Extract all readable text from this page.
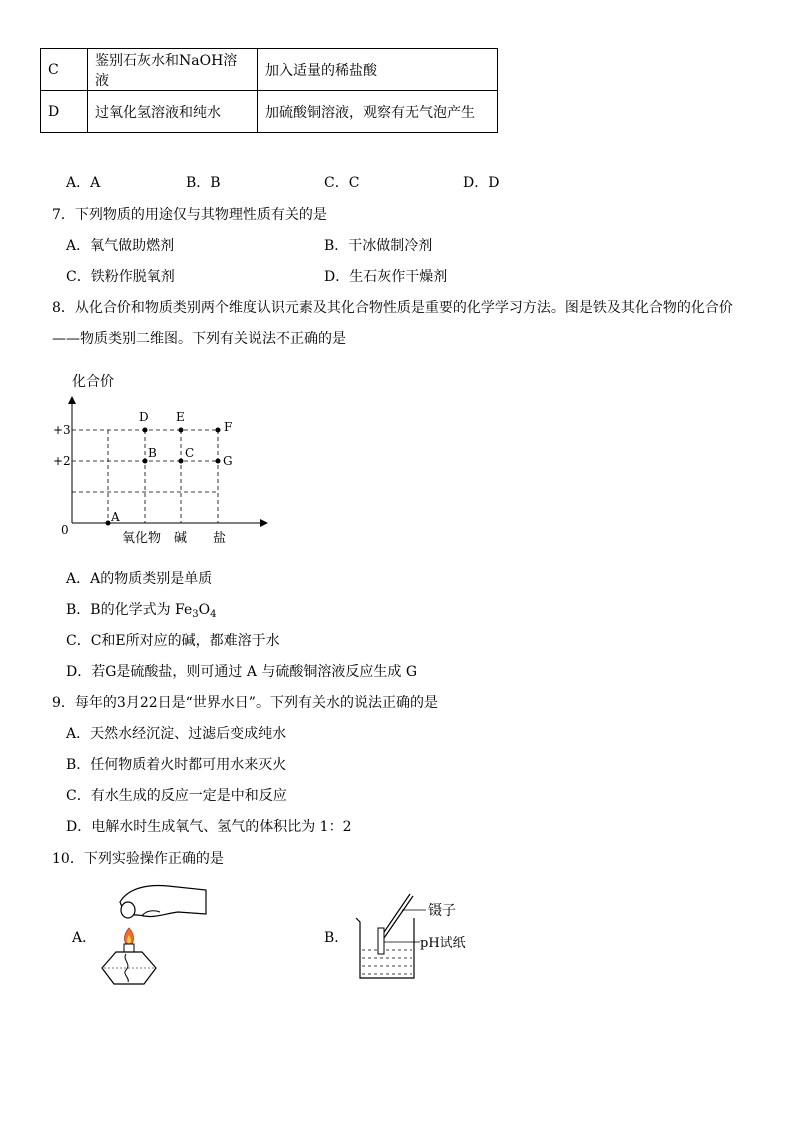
C	鉴别石灰水和NaOH溶液	加入适量的稀盐酸
D	过氧化氢溶液和纯水	加硫酸铜溶液，观察有无气泡产生
A．A	B．B	C．C	D．D
7．下列物质的用途仅与其物理性质有关的是
A．氧气做助燃剂	B．干冰做制冷剂
C．铁粉作脱氧剂	D．生石灰作干燥剂
8．从化合价和物质类别两个维度认识元素及其化合物性质是重要的化学学习方法。图是铁及其化合物的化合价
——物质类别二维图。下列有关说法不正确的是
化合价
0
+3
+2
A
B C
D E
F
G
氧化物 碱 盐
A．A的物质类别是单质
B．B的化学式为 $Fe_3O_4$
C．C和E所对应的碱，都难溶于水
D．若G是硫酸盐，则可通过 A 与硫酸铜溶液反应生成 G
9．每年的3月22日是“世界水日”。下列有关水的说法正确的是
A．天然水经沉淀、过滤后变成纯水
B．任何物质着火时都可用水来灭火
C．有水生成的反应一定是中和反应
D．电解水时生成氧气、氢气的体积比为 1：2
10．下列实验操作正确的是
A．	B．
镊子
pH试纸
